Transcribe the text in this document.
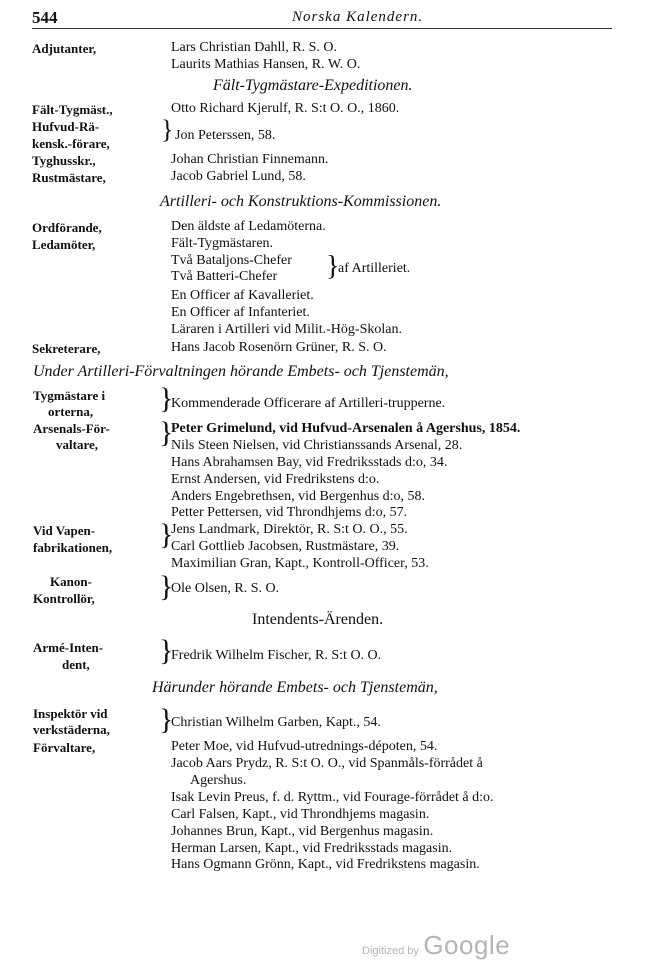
544	Norska Kalendern.
Adjutanter,	Lars Christian Dahll, R. S. O.
Laurits Mathias Hansen, R. W. O.
Fält-Tygmästare-Expeditionen.
Fält-Tygmäst.,
Hufvud-Rä-
kensk.-förare,
Tyghusskr.,
Rustmästare,
Otto Richard Kjerulf, R. S:t O. O., 1860.
} Jon Peterssen, 58.
Johan Christian Finnemann.
Jacob Gabriel Lund, 58.
Artilleri- och Konstruktions-Kommissionen.
Ordförande,
Ledamöter,
Sekreterare,
Den äldste af Ledamöterna.
Fält-Tygmästaren.
Två Bataljons-Chefer
Två Batteri-Chefer }
af Artilleriet.
En Officer af Kavalleriet.
En Officer af Infanteriet.
Läraren i Artilleri vid Milit.-Hög-Skolan.
Hans Jacob Rosenörn Grüner, R. S. O.
Under Artilleri-Förvaltningen hörande Embets- och Tjenstemän,
Tygmästare i
orterna,
Arsenals-För-
valtare,
Vid Vapen-
fabrikationen,
Kanon-
Kontrollör,
}
Kommenderade Officerare af Artilleri-trupperne.
}
Peter Grimelund, vid Hufvud-Arsenalen å Agershus, 1854.
Nils Steen Nielsen, vid Christianssands Arsenal, 28.
Hans Abrahamsen Bay, vid Fredriksstads d:o, 34.
Ernst Andersen, vid Fredrikstens d:o.
Anders Engebrethsen, vid Bergenhus d:o, 58.
Petter Pettersen, vid Throndhjems d:o, 57.
}
Jens Landmark, Direktör, R. S:t O. O., 55.
Carl Gottlieb Jacobsen, Rustmästare, 39.
Maximilian Gran, Kapt., Kontroll-Officer, 53.
}
Ole Olsen, R. S. O.
Intendents-Ärenden.
Armé-Inten-
dent, }
Fredrik Wilhelm Fischer, R. S:t O. O.
Härunder hörande Embets- och Tjenstemän,
Inspektör vid
verkstäderna,
Förvaltare,
}
Christian Wilhelm Garben, Kapt., 54.
Peter Moe, vid Hufvud-utrednings-dépoten, 54.
Jacob Aars Prydz, R. S:t O. O., vid Spanmåls-förrådet å
Agershus.
Isak Levin Preus, f. d. Ryttm., vid Fourage-förrådet å d:o.
Carl Falsen, Kapt., vid Throndhjems magasin.
Johannes Brun, Kapt., vid Bergenhus magasin.
Herman Larsen, Kapt., vid Fredriksstads magasin.
Hans Ogmann Grönn, Kapt., vid Fredrikstens magasin.
Digitized by Google
